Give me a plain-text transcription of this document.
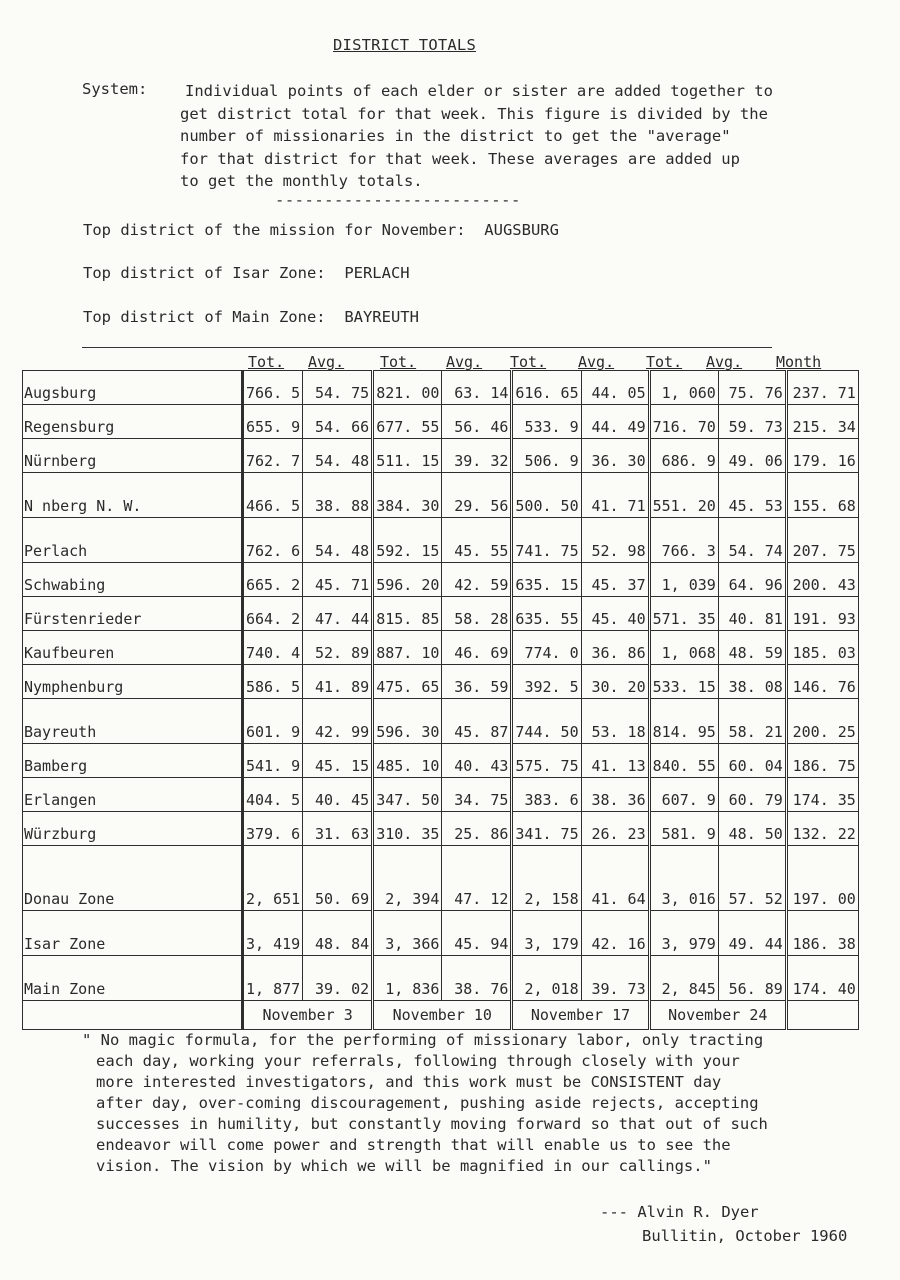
DISTRICT TOTALS
System:	Individual points of each elder or sister are added together to
get district total for that week. This figure is divided by the
number of missionaries in the district to get the "average"
for that district for that week. These averages are added up
to get the monthly totals.
-------------------------
Top district of the mission for November: AUGSBURG
Top district of Isar Zone: PERLACH
Top district of Main Zone: BAYREUTH
Tot. Avg. Tot. Avg. Tot. Avg. Tot. Avg. Month
Augsburg	766. 5	54. 75	821. 00	63. 14	616. 65	44. 05	1, 060	75. 76	237. 71
Regensburg	655. 9	54. 66	677. 55	56. 46	533. 9	44. 49	716. 70	59. 73	215. 34
Nürnberg	762. 7	54. 48	511. 15	39. 32	506. 9	36. 30	686. 9	49. 06	179. 16
N nberg N. W.	466. 5	38. 88	384. 30	29. 56	500. 50	41. 71	551. 20	45. 53	155. 68
Perlach	762. 6	54. 48	592. 15	45. 55	741. 75	52. 98	766. 3	54. 74	207. 75
Schwabing	665. 2	45. 71	596. 20	42. 59	635. 15	45. 37	1, 039	64. 96	200. 43
Fürstenrieder	664. 2	47. 44	815. 85	58. 28	635. 55	45. 40	571. 35	40. 81	191. 93
Kaufbeuren	740. 4	52. 89	887. 10	46. 69	774. 0	36. 86	1, 068	48. 59	185. 03
Nymphenburg	586. 5	41. 89	475. 65	36. 59	392. 5	30. 20	533. 15	38. 08	146. 76
Bayreuth	601. 9	42. 99	596. 30	45. 87	744. 50	53. 18	814. 95	58. 21	200. 25
Bamberg	541. 9	45. 15	485. 10	40. 43	575. 75	41. 13	840. 55	60. 04	186. 75
Erlangen	404. 5	40. 45	347. 50	34. 75	383. 6	38. 36	607. 9	60. 79	174. 35
Würzburg	379. 6	31. 63	310. 35	25. 86	341. 75	26. 23	581. 9	48. 50	132. 22
Donau Zone	2, 651	50. 69	2, 394	47. 12	2, 158	41. 64	3, 016	57. 52	197. 00
Isar Zone	3, 419	48. 84	3, 366	45. 94	3, 179	42. 16	3, 979	49. 44	186. 38
Main Zone	1, 877	39. 02	1, 836	38. 76	2, 018	39. 73	2, 845	56. 89	174. 40
	November 3		November 10		November 17		November 24		
" No magic formula, for the performing of missionary labor, only tracting
each day, working your referrals, following through closely with your
more interested investigators, and this work must be CONSISTENT day
after day, over-coming discouragement, pushing aside rejects, accepting
successes in humility, but constantly moving forward so that out of such
endeavor will come power and strength that will enable us to see the
vision. The vision by which we will be magnified in our callings."
--- Alvin R. Dyer
Bullitin, October 1960
